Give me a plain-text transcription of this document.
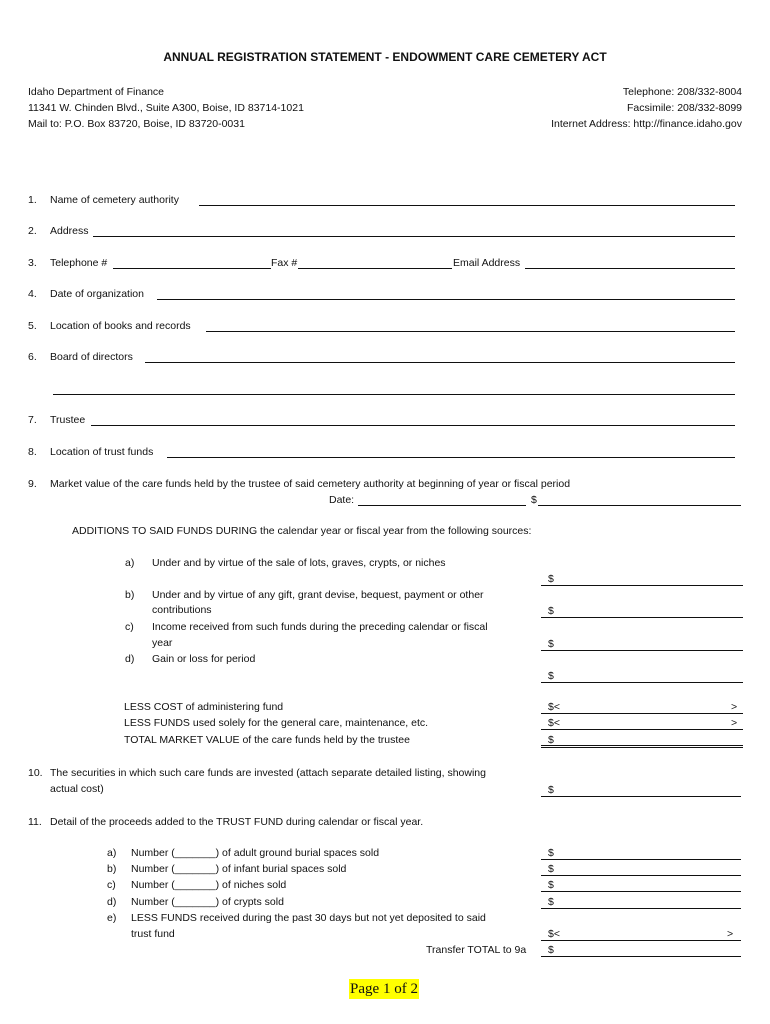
ANNUAL REGISTRATION STATEMENT - ENDOWMENT CARE CEMETERY ACT
Idaho Department of Finance
11341 W. Chinden Blvd., Suite A300, Boise, ID 83714-1021
Mail to: P.O. Box 83720, Boise, ID 83720-0031
Telephone: 208/332-8004
Facsimile: 208/332-8099
Internet Address: http://finance.idaho.gov
1. Name of cemetery authority
2. Address
3. Telephone #	Fax #	Email Address
4. Date of organization
5. Location of books and records
6. Board of directors
7. Trustee
8. Location of trust funds
9. Market value of the care funds held by the trustee of said cemetery authority at beginning of year or fiscal period
Date:	$
ADDITIONS TO SAID FUNDS DURING the calendar year or fiscal year from the following sources:
a) Under and by virtue of the sale of lots, graves, crypts, or niches
$
b) Under and by virtue of any gift, grant devise, bequest, payment or other
contributions	$
c) Income received from such funds during the preceding calendar or fiscal
year	$
d) Gain or loss for period
$
LESS COST of administering fund	$<	>
LESS FUNDS used solely for the general care, maintenance, etc.	$<	>
TOTAL MARKET VALUE of the care funds held by the trustee	$
10. The securities in which such care funds are invested (attach separate detailed listing, showing
actual cost)	$
11. Detail of the proceeds added to the TRUST FUND during calendar or fiscal year.
a) Number (_______) of adult ground burial spaces sold	$
b) Number (_______) of infant burial spaces sold	$
c) Number (_______) of niches sold	$
d) Number (_______) of crypts sold	$
e) LESS FUNDS received during the past 30 days but not yet deposited to said
trust fund	$<	>
Transfer TOTAL to 9a $
Page 1 of 2
